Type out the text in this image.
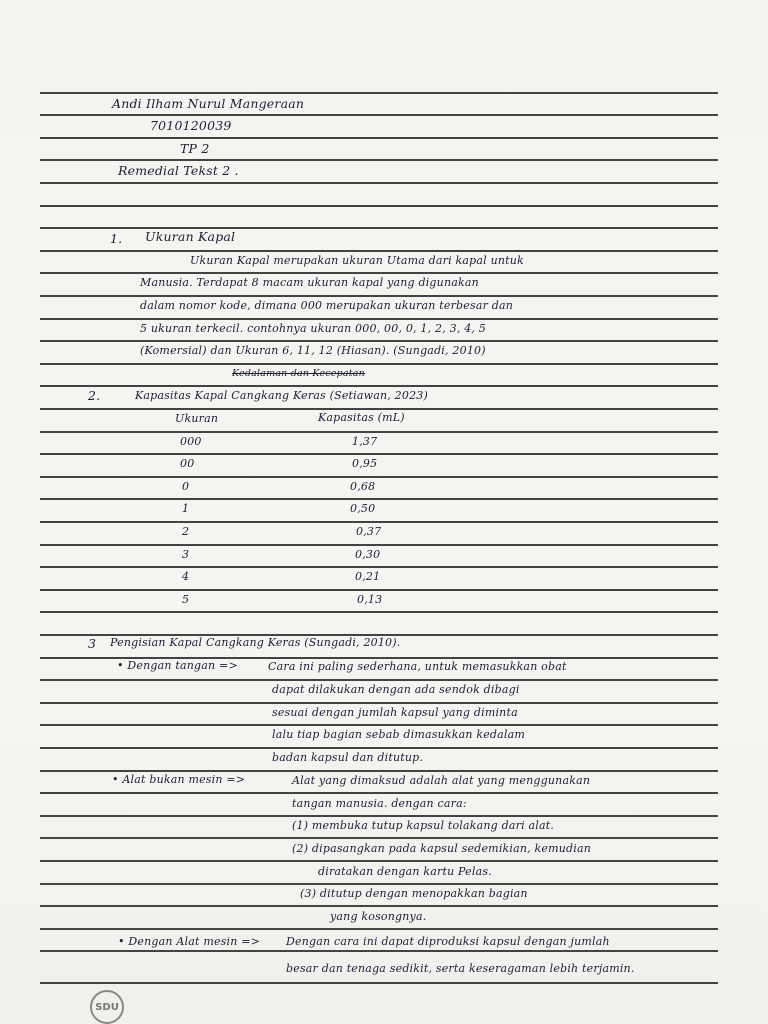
Andi Ilham Nurul Mangeraan
7010120039
TP 2
Remedial Tekst 2 .
1. Ukuran Kapal
Ukuran Kapal merupakan ukuran Utama dari kapal untuk
Manusia. Terdapat 8 macam ukuran kapal yang digunakan
dalam nomor kode, dimana 000 merupakan ukuran terbesar dan
5 ukuran terkecil. contohnya ukuran 000, 00, 0, 1, 2, 3, 4, 5
(Komersial) dan Ukuran 6, 11, 12 (Hiasan). (Sungadi, 2010)
Kedalaman dan Kecepatan
2.	Kapasitas Kapal Cangkang Keras (Setiawan, 2023)
Ukuran	Kapasitas (mL)
000	1,37
00	0,95
0	0,68
1	0,50
2	0,37
3	0,30
4	0,21
5	0,13
3 Pengisian Kapal Cangkang Keras (Sungadi, 2010).
• Dengan tangan =>	Cara ini paling sederhana, untuk memasukkan obat
dapat dilakukan dengan ada sendok dibagi
sesuai dengan jumlah kapsul yang diminta
lalu tiap bagian sebab dimasukkan kedalam
badan kapsul dan ditutup.
• Alat bukan mesin =>	Alat yang dimaksud adalah alat yang menggunakan
tangan manusia. dengan cara:
(1) membuka tutup kapsul tolakang dari alat.
(2) dipasangkan pada kapsul sedemikian, kemudian
diratakan dengan kartu Pelas.
(3) ditutup dengan menopakkan bagian
yang kosongnya.
• Dengan Alat mesin => Dengan cara ini dapat diproduksi kapsul dengan jumlah
besar dan tenaga sedikit, serta keseragaman lebih terjamin.
SDU
